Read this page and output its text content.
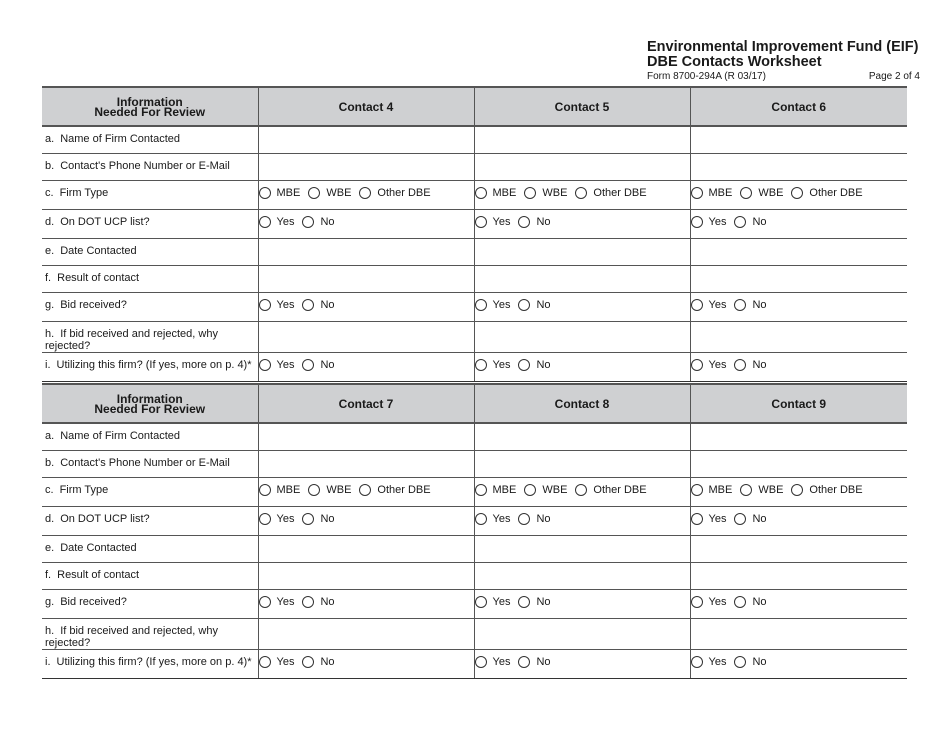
Environmental Improvement Fund (EIF)
DBE Contacts Worksheet
Form 8700-294A (R 03/17)	Page 2 of 4
Information
Needed For Review	Contact 4	Contact 5	Contact 6
a. Name of Firm Contacted			
b. Contact's Phone Number or E-Mail			
c. Firm Type	MBE WBE Other DBE	MBE WBE Other DBE	MBE WBE Other DBE

d. On DOT UCP list?	Yes No	Yes No	Yes No

e. Date Contacted			
f. Result of contact			
g. Bid received?	Yes No	Yes No	Yes No

h. If bid received and rejected, why rejected?			
i. Utilizing this firm? (If yes, more on p. 4)*	Yes No	Yes No	Yes No
Information
Needed For Review	Contact 7	Contact 8	Contact 9
a. Name of Firm Contacted			
b. Contact's Phone Number or E-Mail			
c. Firm Type	MBE WBE Other DBE	MBE WBE Other DBE	MBE WBE Other DBE

d. On DOT UCP list?	Yes No	Yes No	Yes No

e. Date Contacted			
f. Result of contact			
g. Bid received?	Yes No	Yes No	Yes No

h. If bid received and rejected, why rejected?			
i. Utilizing this firm? (If yes, more on p. 4)*	Yes No	Yes No	Yes No
